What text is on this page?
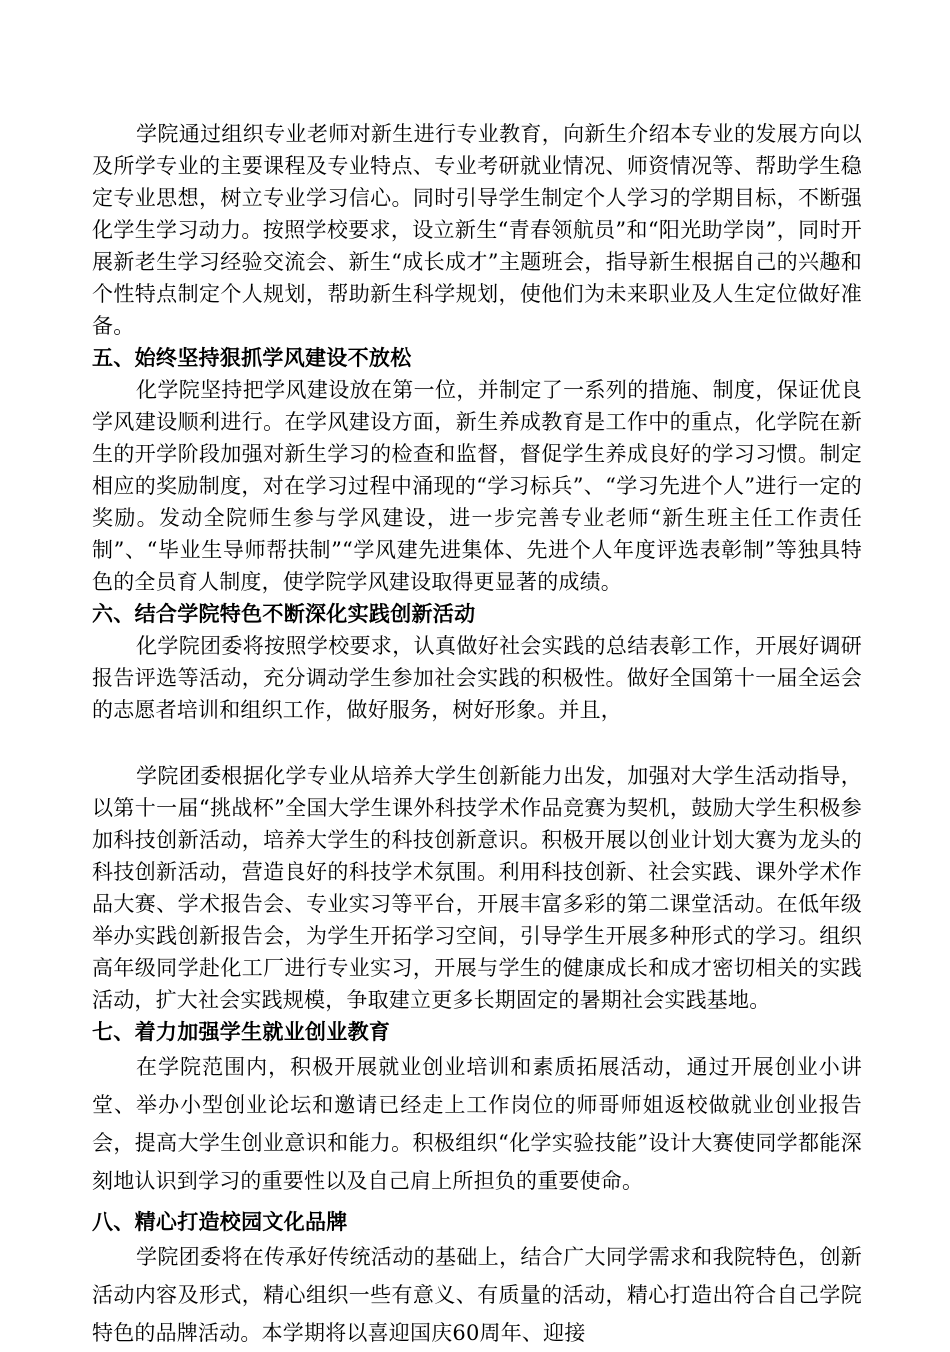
学院通过组织专业老师对新生进行专业教育，向新生介绍本专业的发展方向以及所学专业的主要课程及专业特点、专业考研就业情况、师资情况等、帮助学生稳定专业思想，树立专业学习信心。同时引导学生制定个人学习的学期目标，不断强化学生学习动力。按照学校要求，设立新生“青春领航员”和“阳光助学岗”，同时开展新老生学习经验交流会、新生“成长成才”主题班会，指导新生根据自己的兴趣和个性特点制定个人规划，帮助新生科学规划，使他们为未来职业及人生定位做好准备。

五、始终坚持狠抓学风建设不放松

化学院坚持把学风建设放在第一位，并制定了一系列的措施、制度，保证优良学风建设顺利进行。在学风建设方面，新生养成教育是工作中的重点，化学院在新生的开学阶段加强对新生学习的检查和监督，督促学生养成良好的学习习惯。制定相应的奖励制度，对在学习过程中涌现的“学习标兵”、“学习先进个人”进行一定的奖励。发动全院师生参与学风建设，进一步完善专业老师“新生班主任工作责任制”、“毕业生导师帮扶制”“学风建先进集体、先进个人年度评选表彰制”等独具特色的全员育人制度，使学院学风建设取得更显著的成绩。

六、结合学院特色不断深化实践创新活动

化学院团委将按照学校要求，认真做好社会实践的总结表彰工作，开展好调研报告评选等活动，充分调动学生参加社会实践的积极性。做好全国第十一届全运会的志愿者培训和组织工作，做好服务，树好形象。并且，

学院团委根据化学专业从培养大学生创新能力出发，加强对大学生活动指导，以第十一届“挑战杯”全国大学生课外科技学术作品竞赛为契机，鼓励大学生积极参加科技创新活动，培养大学生的科技创新意识。积极开展以创业计划大赛为龙头的科技创新活动，营造良好的科技学术氛围。利用科技创新、社会实践、课外学术作品大赛、学术报告会、专业实习等平台，开展丰富多彩的第二课堂活动。在低年级举办实践创新报告会，为学生开拓学习空间，引导学生开展多种形式的学习。组织高年级同学赴化工厂进行专业实习，开展与学生的健康成长和成才密切相关的实践活动，扩大社会实践规模，争取建立更多长期固定的暑期社会实践基地。

七、着力加强学生就业创业教育

在学院范围内，积极开展就业创业培训和素质拓展活动，通过开展创业小讲堂、举办小型创业论坛和邀请已经走上工作岗位的师哥师姐返校做就业创业报告会，提高大学生创业意识和能力。积极组织“化学实验技能”设计大赛使同学都能深刻地认识到学习的重要性以及自己肩上所担负的重要使命。

八、精心打造校园文化品牌

学院团委将在传承好传统活动的基础上，结合广大同学需求和我院特色，创新活动内容及形式，精心组织一些有意义、有质量的活动，精心打造出符合自己学院特色的品牌活动。本学期将以喜迎国庆60周年、迎接
